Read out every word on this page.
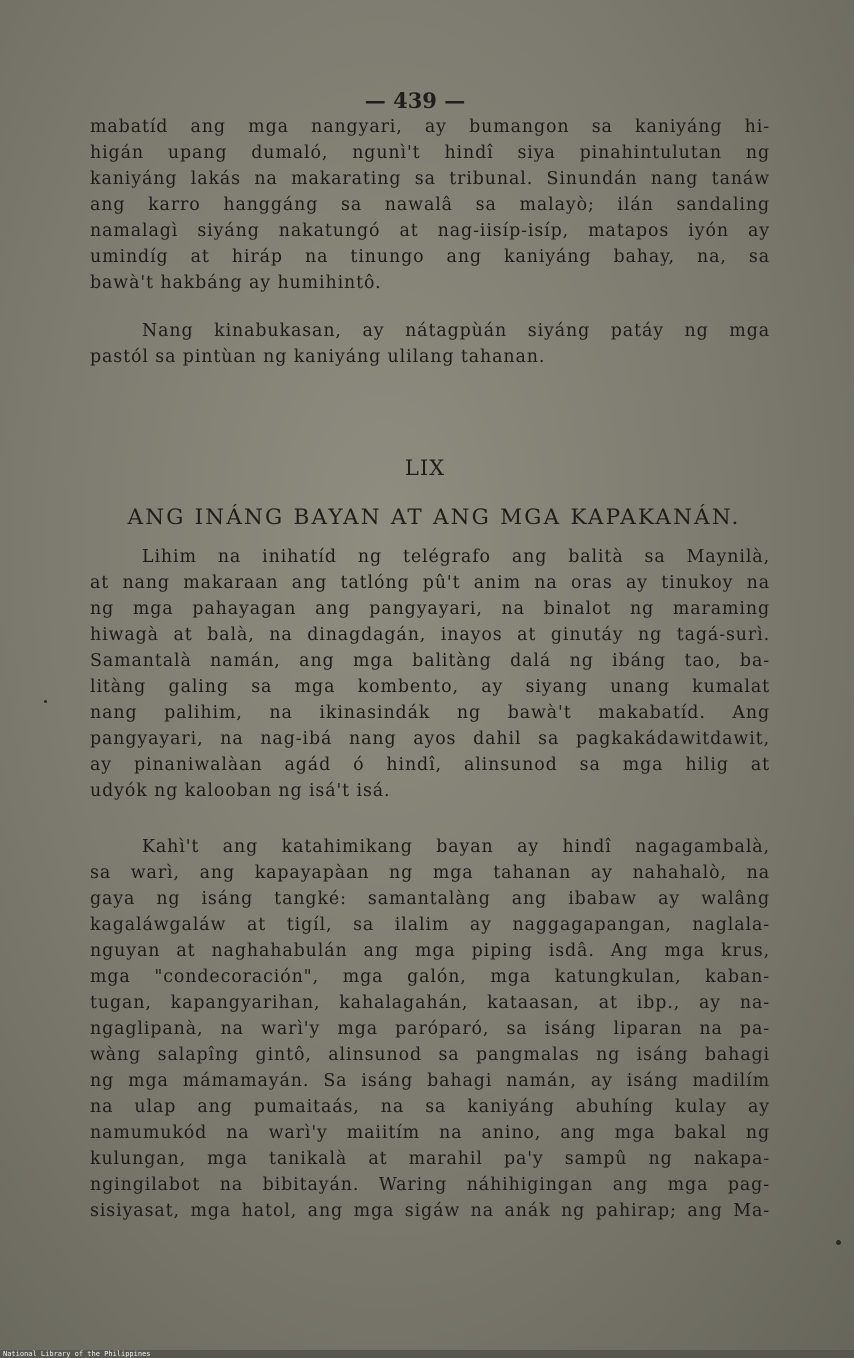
— 439 —
mabatíd ang mga nangyari, ay bumangon sa kaniyáng hi-
higán upang dumaló, ngunì't hindî siya pinahintulutan ng
kaniyáng lakás na makarating sa tribunal. Sinundán nang tanáw
ang karro hanggáng sa nawalâ sa malayò; ilán sandaling
namalagì siyáng nakatungó at nag-iisíp-isíp, matapos iyón ay
umindíg at hiráp na tinungo ang kaniyáng bahay, na, sa
bawà't hakbáng ay humihintô.
Nang kinabukasan, ay nátagpùán siyáng patáy ng mga
pastól sa pintùan ng kaniyáng ulilang tahanan.
LIX
ANG INÁNG BAYAN AT ANG MGA KAPAKANÁN.
Lihim na inihatíd ng telégrafo ang balità sa Maynilà,
at nang makaraan ang tatlóng pû't anim na oras ay tinukoy na
ng mga pahayagan ang pangyayari, na binalot ng maraming
hiwagà at balà, na dinagdagán, inayos at ginutáy ng tagá-surì.
Samantalà namán, ang mga balitàng dalá ng ibáng tao, ba-
litàng galing sa mga kombento, ay siyang unang kumalat
nang palihim, na ikinasindák ng bawà't makabatíd. Ang
pangyayari, na nag-ibá nang ayos dahil sa pagkakádawitdawit,
ay pinaniwalàan agád ó hindî, alinsunod sa mga hilig at
udyók ng kalooban ng isá't isá.
Kahì't ang katahimikang bayan ay hindî nagagambalà,
sa warì, ang kapayapàan ng mga tahanan ay nahahalò, na
gaya ng isáng tangké: samantalàng ang ibabaw ay walâng
kagaláwgaláw at tigíl, sa ilalim ay naggagapangan, naglala-
nguyan at naghahabulán ang mga piping isdâ. Ang mga krus,
mga "condecoración", mga galón, mga katungkulan, kaban-
tugan, kapangyarihan, kahalagahán, kataasan, at ibp., ay na-
ngaglipanà, na warì'y mga paróparó, sa isáng liparan na pa-
wàng salapîng gintô, alinsunod sa pangmalas ng isáng bahagi
ng mga mámamayán. Sa isáng bahagi namán, ay isáng madilím
na ulap ang pumaitaás, na sa kaniyáng abuhíng kulay ay
namumukód na warì'y maiitím na anino, ang mga bakal ng
kulungan, mga tanikalà at marahil pa'y sampû ng nakapa-
ngingilabot na bibitayán. Waring náhihigingan ang mga pag-
sisiyasat, mga hatol, ang mga sigáw na anák ng pahirap; ang Ma-
National Library of the Philippines
